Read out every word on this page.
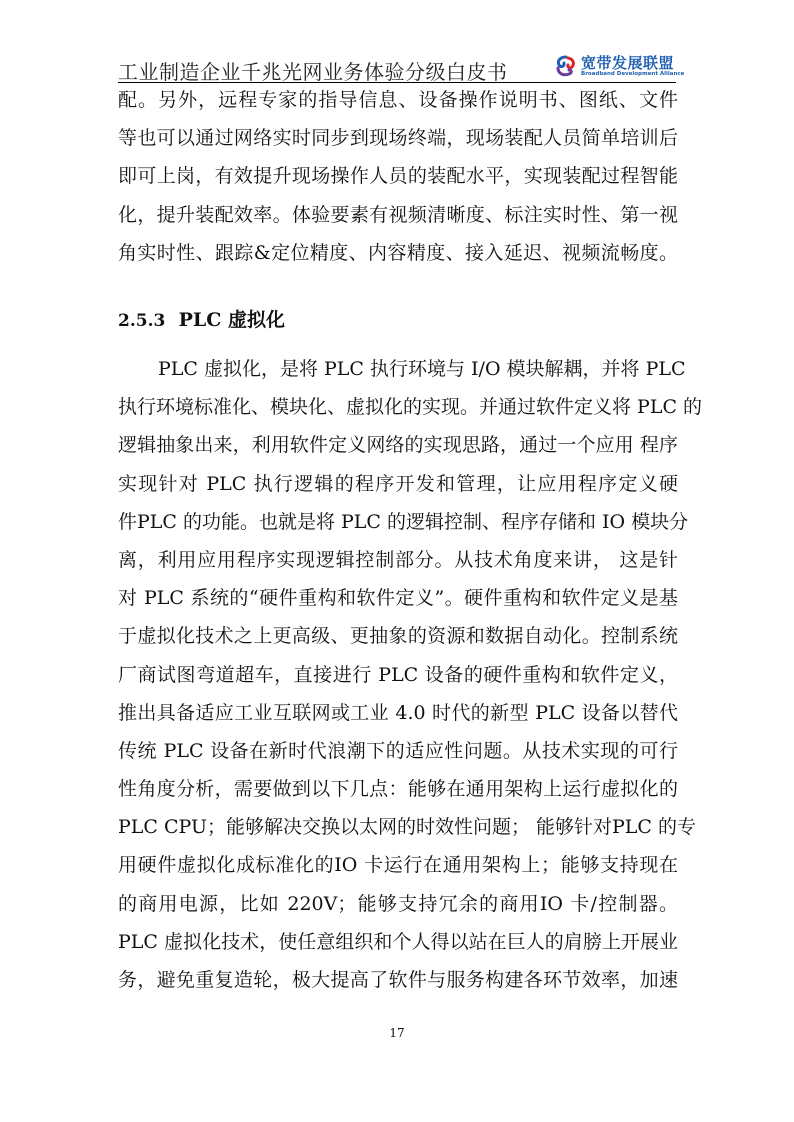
工业制造企业千兆光网业务体验分级白皮书	宽带发展联盟
Broadband Development Alliance
配。另外，远程专家的指导信息、设备操作说明书、图纸、文件
等也可以通过网络实时同步到现场终端，现场装配人员简单培训后
即可上岗，有效提升现场操作人员的装配水平，实现装配过程智能
化，提升装配效率。体验要素有视频清晰度、标注实时性、第一视
角实时性、跟踪&定位精度、内容精度、接入延迟、视频流畅度。
2.5.3 PLC 虚拟化
PLC 虚拟化，是将 PLC 执行环境与 I/O 模块解耦，并将 PLC
执行环境标准化、模块化、虚拟化的实现。并通过软件定义将 PLC 的
逻辑抽象出来，利用软件定义网络的实现思路，通过一个应用 程序
实现针对 PLC 执行逻辑的程序开发和管理，让应用程序定义硬
件PLC 的功能。也就是将 PLC 的逻辑控制、程序存储和 IO 模块分
离，利用应用程序实现逻辑控制部分。从技术角度来讲， 这是针
对 PLC 系统的“硬件重构和软件定义”。硬件重构和软件定义是基
于虚拟化技术之上更高级、更抽象的资源和数据自动化。控制系统
厂商试图弯道超车，直接进行 PLC 设备的硬件重构和软件定义，
推出具备适应工业互联网或工业 4.0 时代的新型 PLC 设备以替代
传统 PLC 设备在新时代浪潮下的适应性问题。从技术实现的可行
性角度分析，需要做到以下几点：能够在通用架构上运行虚拟化的
PLC CPU；能够解决交换以太网的时效性问题； 能够针对PLC 的专
用硬件虚拟化成标准化的IO 卡运行在通用架构上；能够支持现在
的商用电源，比如 220V；能够支持冗余的商用IO 卡/控制器。
PLC 虚拟化技术，使任意组织和个人得以站在巨人的肩膀上开展业
务，避免重复造轮，极大提高了软件与服务构建各环节效率，加速
17
